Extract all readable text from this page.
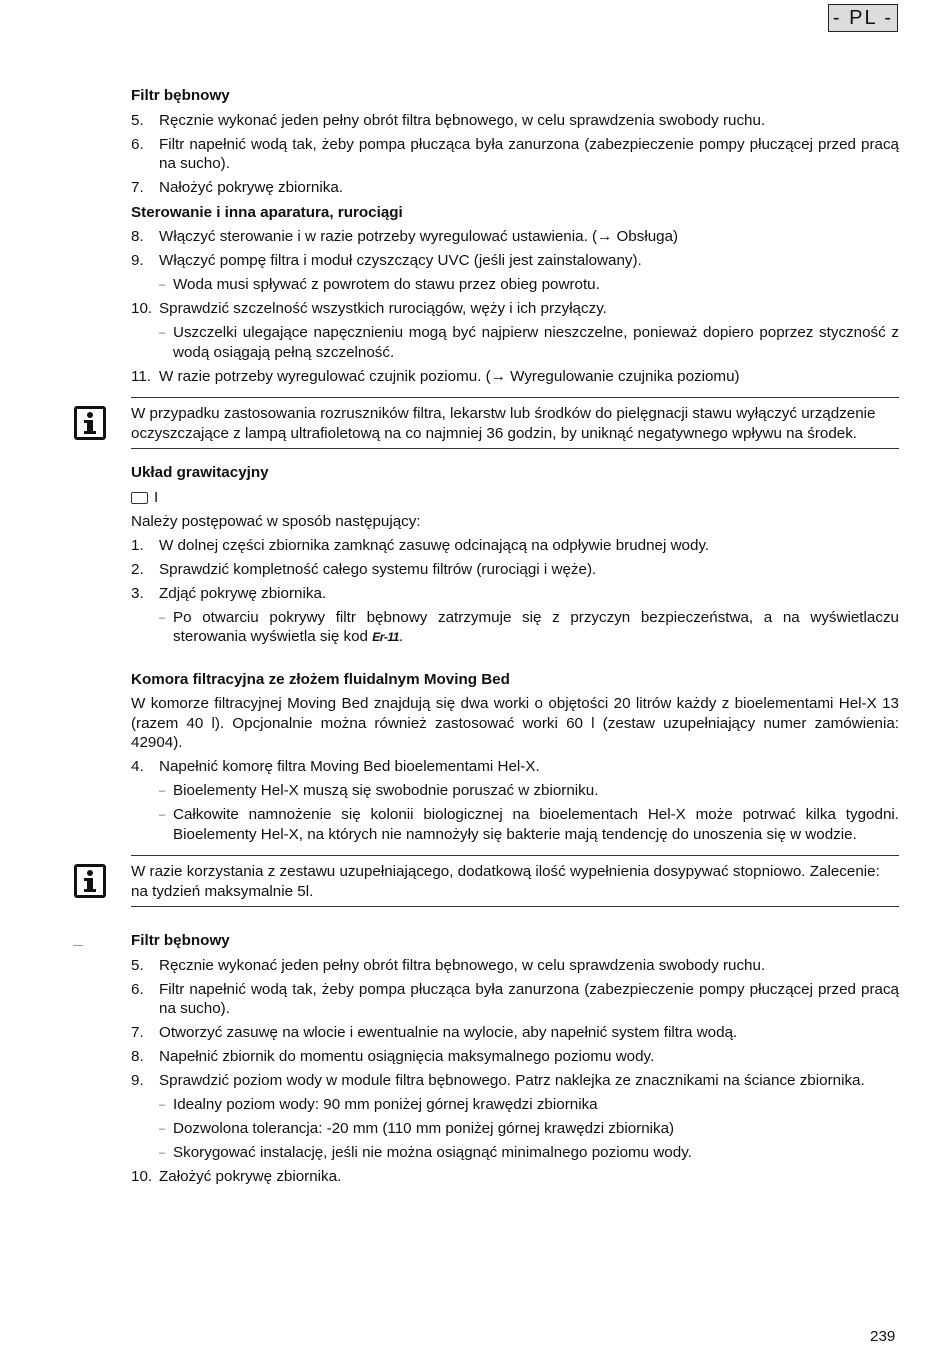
- PL -

Filtr bębnowy

5.	Ręcznie wykonać jeden pełny obrót filtra bębnowego, w celu sprawdzenia swobody ruchu.
6.	Filtr napełnić wodą tak, żeby pompa płucząca była zanurzona (zabezpieczenie pompy płuczącej przed pracą na sucho).
7.	Nałożyć pokrywę zbiornika.

Sterowanie i inna aparatura, rurociągi

8.	Włączyć sterowanie i w razie potrzeby wyregulować ustawienia. (→ Obsługa)
9.	Włączyć pompę filtra i moduł czyszczący UVC (jeśli jest zainstalowany).
– Woda musi spływać z powrotem do stawu przez obieg powrotu.
10. Sprawdzić szczelność wszystkich rurociągów, węży i ich przyłączy.
– Uszczelki ulegające napęcznieniu mogą być najpierw nieszczelne, ponieważ dopiero poprzez styczność z wodą osiągają pełną szczelność.
11. W razie potrzeby wyregulować czujnik poziomu. (→ Wyregulowanie czujnika poziomu)
W przypadku zastosowania rozruszników filtra, lekarstw lub środków do pielęgnacji stawu wyłączyć urządzenie oczyszczające z lampą ultrafioletową na co najmniej 36 godzin, by uniknąć negatywnego wpływu na środek.

Układ grawitacyjny

I
Należy postępować w sposób następujący:
1.	W dolnej części zbiornika zamknąć zasuwę odcinającą na odpływie brudnej wody.
2.	Sprawdzić kompletność całego systemu filtrów (rurociągi i węże).
3.	Zdjąć pokrywę zbiornika.
– Po otwarciu pokrywy filtr bębnowy zatrzymuje się z przyczyn bezpieczeństwa, a na wyświetlaczu sterowania wyświetla się kod Er-11.

Komora filtracyjna ze złożem fluidalnym Moving Bed

W komorze filtracyjnej Moving Bed znajdują się dwa worki o objętości 20 litrów każdy z bioelementami Hel-X 13 (razem 40 l). Opcjonalnie można również zastosować worki 60 l (zestaw uzupełniający numer zamówienia: 42904).
4.	Napełnić komorę filtra Moving Bed bioelementami Hel-X.
– Bioelementy Hel-X muszą się swobodnie poruszać w zbiorniku.
– Całkowite namnożenie się kolonii biologicznej na bioelementach Hel-X może potrwać kilka tygodni. Bioelementy Hel-X, na których nie namnożyły się bakterie mają tendencję do unoszenia się w wodzie.
W razie korzystania z zestawu uzupełniającego, dodatkową ilość wypełnienia dosypywać stopniowo. Zalecenie: na tydzień maksymalnie 5l.

Filtr bębnowy

5.	Ręcznie wykonać jeden pełny obrót filtra bębnowego, w celu sprawdzenia swobody ruchu.
6.	Filtr napełnić wodą tak, żeby pompa płucząca była zanurzona (zabezpieczenie pompy płuczącej przed pracą na sucho).
7.	Otworzyć zasuwę na wlocie i ewentualnie na wylocie, aby napełnić system filtra wodą.
8.	Napełnić zbiornik do momentu osiągnięcia maksymalnego poziomu wody.
9.	Sprawdzić poziom wody w module filtra bębnowego. Patrz naklejka ze znacznikami na ściance zbiornika.
– Idealny poziom wody: 90 mm poniżej górnej krawędzi zbiornika
– Dozwolona tolerancja: -20 mm (110 mm poniżej górnej krawędzi zbiornika)
– Skorygować instalację, jeśli nie można osiągnąć minimalnego poziomu wody.
10. Założyć pokrywę zbiornika.
239
